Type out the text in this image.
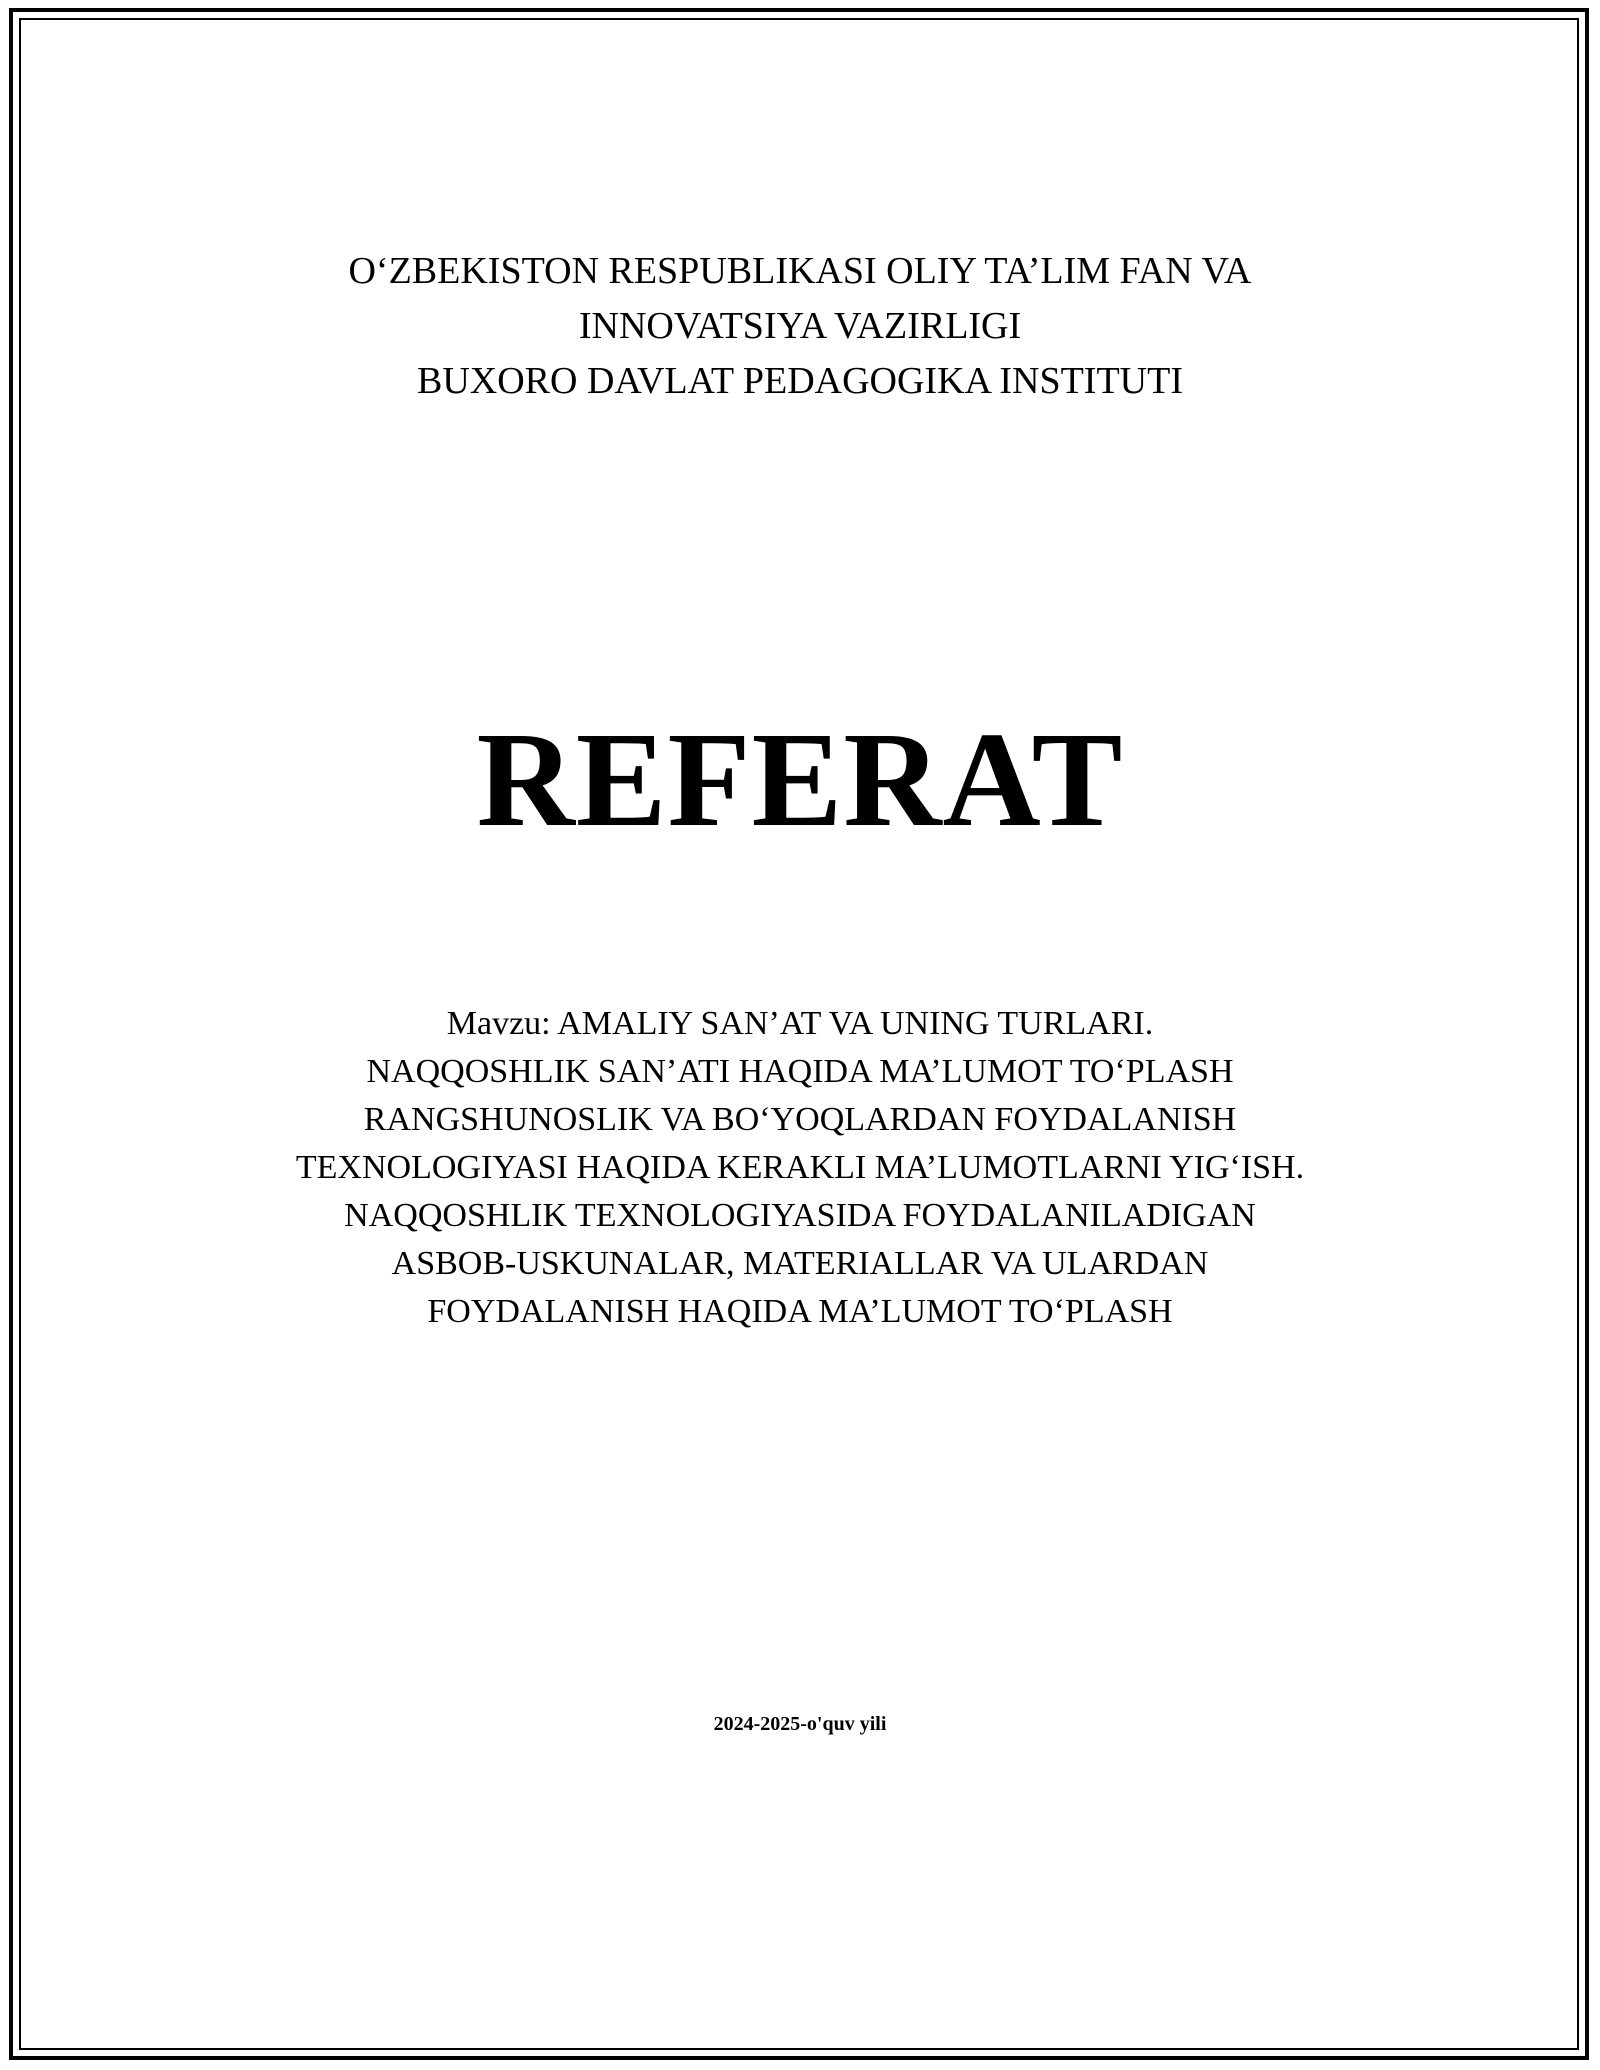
O‘ZBEKISTON RESPUBLIKASI OLIY TA’LIM FAN VA
INNOVATSIYA VAZIRLIGI
BUXORO DAVLAT PEDAGOGIKA INSTITUTI
REFERAT
Mavzu: AMALIY SAN’AT VA UNING TURLARI.
NAQQOSHLIK SAN’ATI HAQIDA MA’LUMOT TO‘PLASH
RANGSHUNOSLIK VA BO‘YOQLARDAN FOYDALANISH
TEXNOLOGIYASI HAQIDA KERAKLI MA’LUMOTLARNI YIG‘ISH.
NAQQOSHLIK TEXNOLOGIYASIDA FOYDALANILADIGAN
ASBOB-USKUNALAR, MATERIALLAR VA ULARDAN
FOYDALANISH HAQIDA MA’LUMOT TO‘PLASH
2024-2025-o'quv yili
